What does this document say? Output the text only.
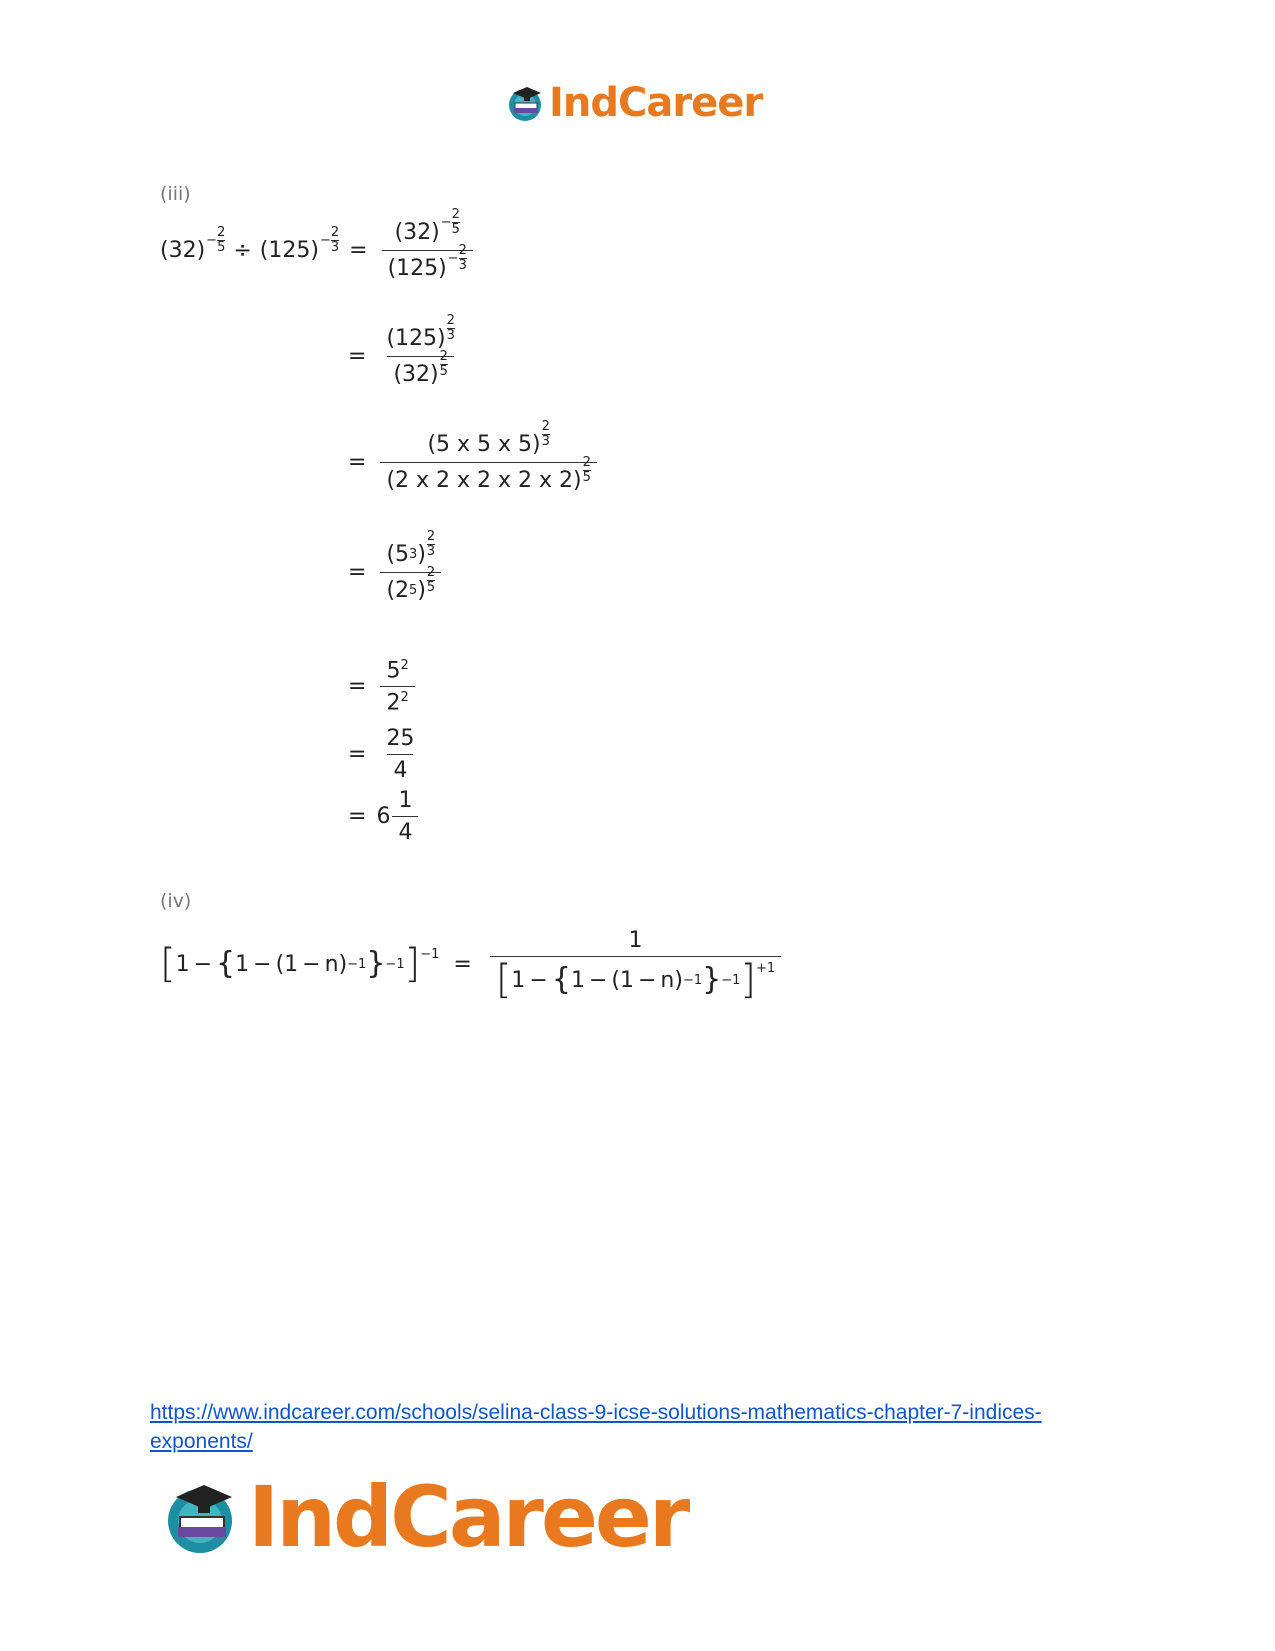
IndCareer
(iii)
$(32) - \frac{2}{5} \div (125) - \frac{2}{3} = \frac{(32) - \frac{2}{5}}{(125) - \frac{2}{3}}$
= (125)
2
3
(32)
2
5
= (5 x 5 x 5)
2
3
(2 x 2 x 2 x 2 x 2)
2
5
= ( 5 3 )
2
3
( 2 5 )
2
5
= $\frac{5^2}{2^2}$
= $\frac{25}{4}$
= $6 \frac{1}{4}$
(iv)
[ 1 − { 1 − ( 1 − n ) −1 } −1 ]$^{-1}$ =
1
[ 1 − { 1 − ( 1 − n ) −1 } −1 ]$^{+1}$
https://www.indcareer.com/schools/selina-class-9-icse-solutions-mathematics-chapter-7-indices-exponents/
IndCareer
